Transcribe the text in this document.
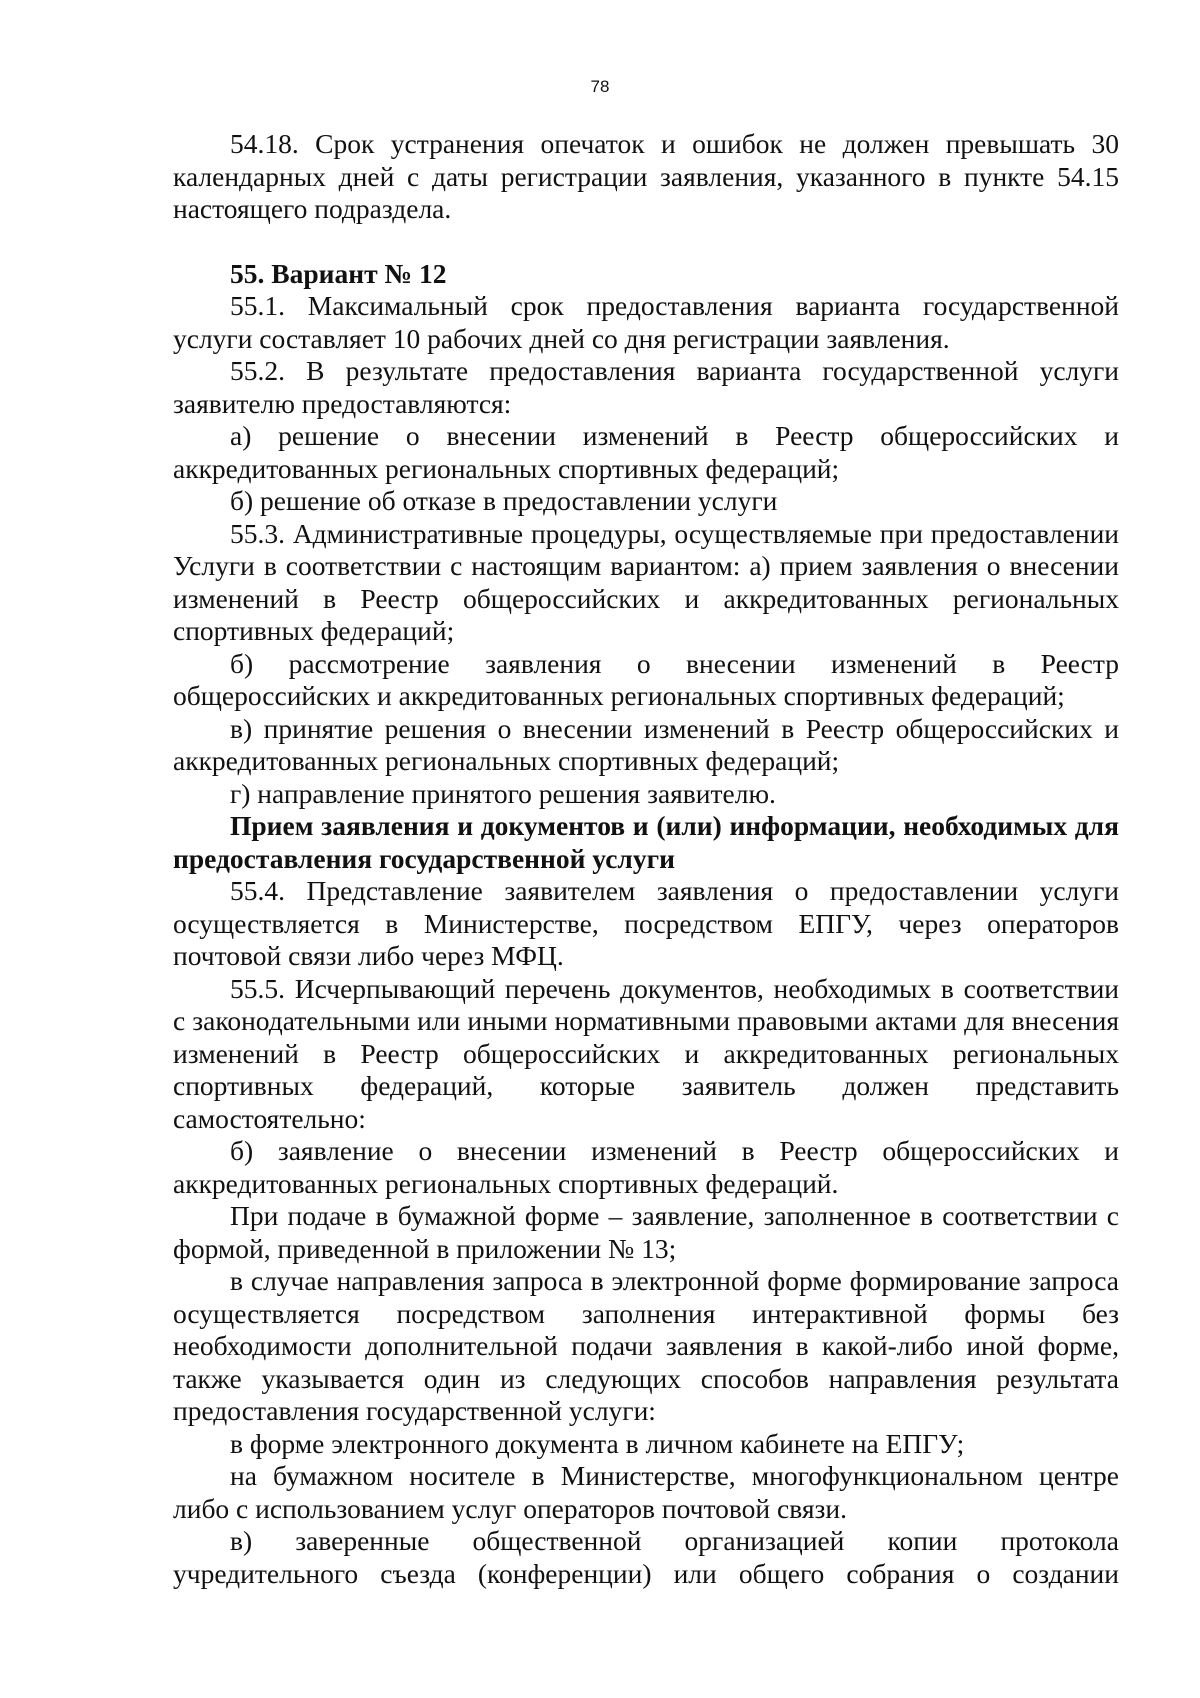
78

54.18. Срок устранения опечаток и ошибок не должен превышать 30 календарных дней с даты регистрации заявления, указанного в пункте 54.15 настоящего подраздела.

55. Вариант № 12

55.1. Максимальный срок предоставления варианта государственной услуги составляет 10 рабочих дней со дня регистрации заявления.

55.2. В результате предоставления варианта государственной услуги заявителю предоставляются:

а) решение о внесении изменений в Реестр общероссийских и аккредитованных региональных спортивных федераций;

б) решение об отказе в предоставлении услуги

55.3. Административные процедуры, осуществляемые при предоставлении Услуги в соответствии с настоящим вариантом: а) прием заявления о внесении изменений в Реестр общероссийских и аккредитованных региональных спортивных федераций;

б) рассмотрение заявления о внесении изменений в Реестр общероссийских и аккредитованных региональных спортивных федераций;

в) принятие решения о внесении изменений в Реестр общероссийских и аккредитованных региональных спортивных федераций;

г) направление принятого решения заявителю.

Прием заявления и документов и (или) информации, необходимых для предоставления государственной услуги

55.4. Представление заявителем заявления о предоставлении услуги осуществляется в Министерстве, посредством ЕПГУ, через операторов почтовой связи либо через МФЦ.

55.5. Исчерпывающий перечень документов, необходимых в соответствии с законодательными или иными нормативными правовыми актами для внесения изменений в Реестр общероссийских и аккредитованных региональных спортивных федераций, которые заявитель должен представить самостоятельно:

б) заявление о внесении изменений в Реестр общероссийских и аккредитованных региональных спортивных федераций.

При подаче в бумажной форме – заявление, заполненное в соответствии с формой, приведенной в приложении № 13;

в случае направления запроса в электронной форме формирование запроса осуществляется посредством заполнения интерактивной формы без необходимости дополнительной подачи заявления в какой-либо иной форме, также указывается один из следующих способов направления результата предоставления государственной услуги:

в форме электронного документа в личном кабинете на ЕПГУ;

на бумажном носителе в Министерстве, многофункциональном центре либо с использованием услуг операторов почтовой связи.

в) заверенные общественной организацией копии протокола учредительного съезда (конференции) или общего собрания о создании
